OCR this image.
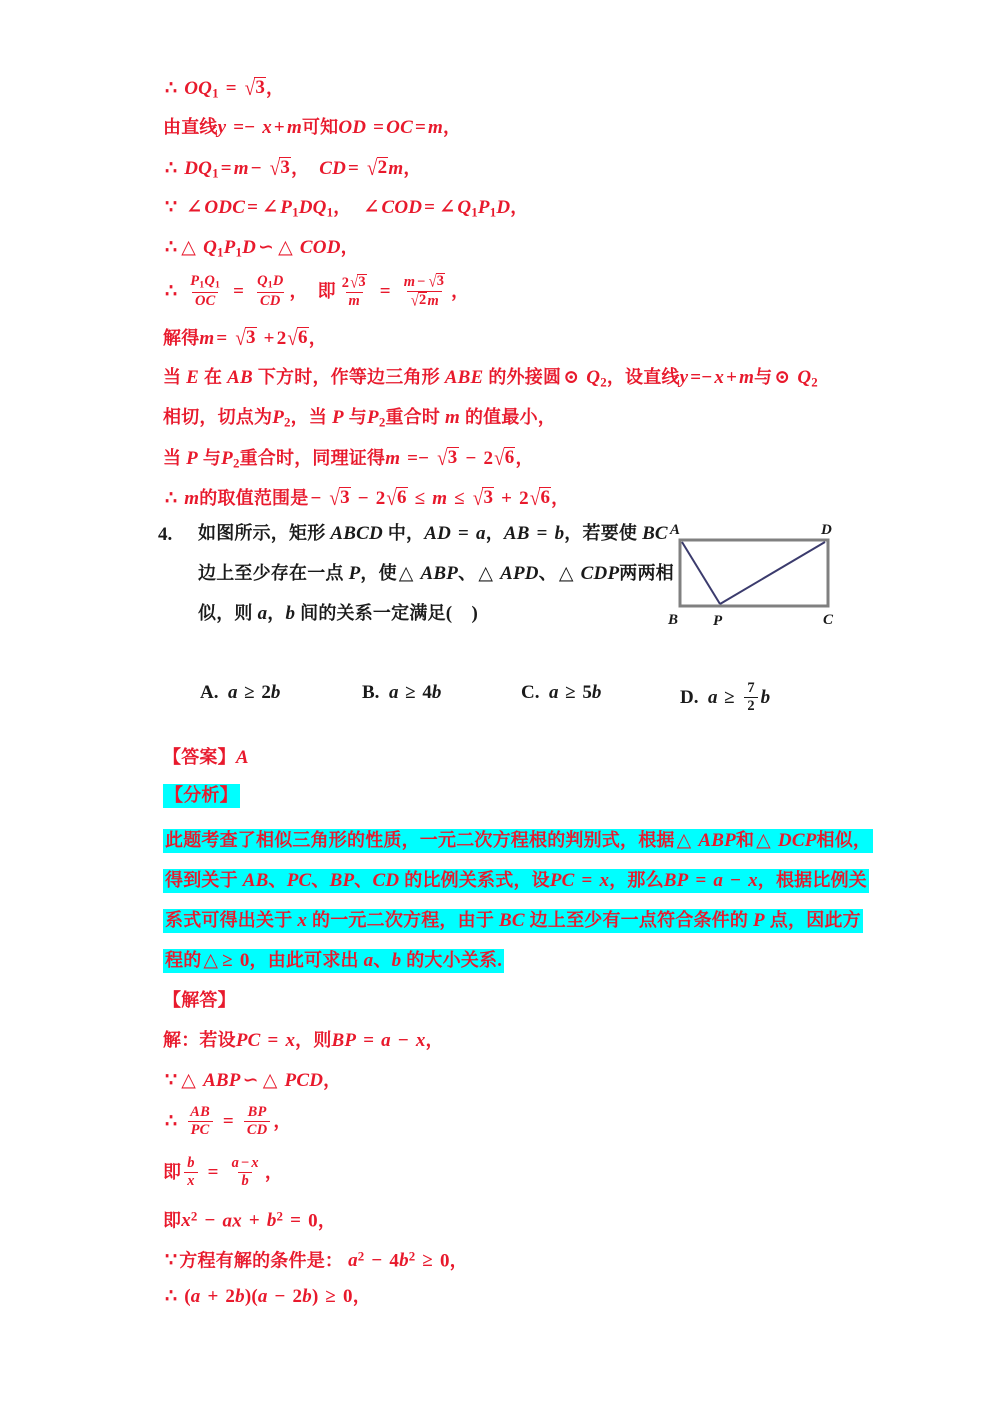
∴ $OQ_1 = √3$，
由直线y =− x + m可知OD = OC = m，
∴ $DQ_1 = m - √3$， CD = √2m，
∵ ∠ ODC = ∠ $P_1DQ_1$， ∠ COD = ∠ $Q_1P_1D$，
∴ △ $Q_1P_1D$ ∽ △ COD，
∴ $\frac{P_1Q_1}{OC} = \frac{Q_1D}{CD}$ ， 即 $\frac{2√3}{m} = \frac{m - √3}{√2m}$ ，
解得m = √3 + 2√6，
当 E 在 AB 下方时，作等边三角形 ABE 的外接圆 ⊙ $Q_2$，设直线y =− x + m与 ⊙ $Q_2$
相切，切点为$P_2$，当 P 与$P_2$重合时 m 的值最小，
当 P 与$P_2$重合时，同理证得m =− √3 − 2√6，
∴ m的取值范围是 − √3 − 2√6 ≤ m ≤ √3 + 2√6，
4. 如图所示，矩形 ABCD 中，AD = a，AB = b，若要使 BC
边上至少存在一点 P，使 △ ABP、 △ APD、 △ CDP两两相
似，则 a，b 间的关系一定满足(　)
A	D
B P	C
A. a ≥ 2b	B. a ≥ 4b	C. a ≥ 5b	D. $a \ge \frac{7}{2}$ b
【答案】A
【分析】
此题考查了相似三角形的性质，一元二次方程根的判别式，根据 △ ABP和 △ DCP相似，
得到关于 AB、PC、BP、CD 的比例关系式，设PC = x，那么BP = a − x，根据比例关
系式可得出关于 x 的一元二次方程，由于 BC 边上至少有一点符合条件的 P 点，因此方
程的 △ ≥ 0，由此可求出 a、b 的大小关系.
【解答】
解：若设PC = x，则BP = a − x，
∵ △ ABP ∽ △ PCD，
∴ $\frac{AB}{PC} = \frac{BP}{CD}$ ，
即 $\frac{b}{x} = \frac{a - x}{b}$ ，
即$x^2$ − ax + $b^2 = 0$，
∵ 方程有解的条件是： $a^2 - 4b^2 \ge 0$，
∴ (a + 2b)(a − 2b) ≥ 0，
